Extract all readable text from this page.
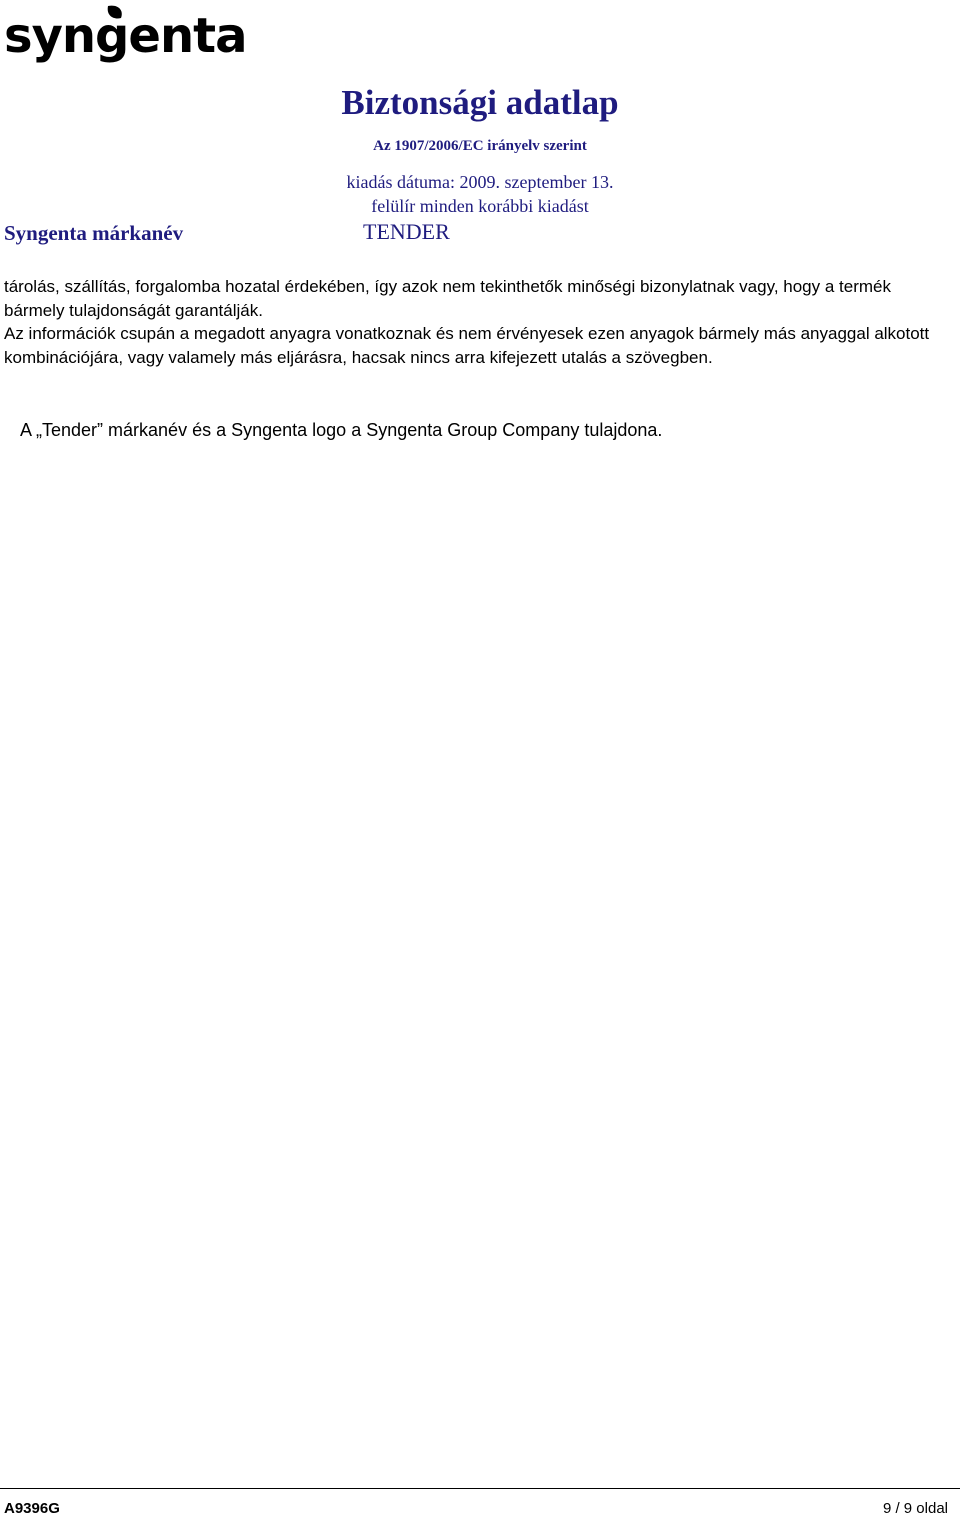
syngenta
Biztonsági adatlap
Az 1907/2006/EC irányelv szerint
kiadás dátuma: 2009. szeptember 13.
felülír minden korábbi kiadást
Syngenta márkanév	TENDER

tárolás, szállítás, forgalomba hozatal érdekében, így azok nem tekinthetők minőségi bizonylatnak vagy, hogy a termék bármely tulajdonságát garantálják.

Az információk csupán a megadott anyagra vonatkoznak és nem érvényesek ezen anyagok bármely más anyaggal alkotott kombinációjára, vagy valamely más eljárásra, hacsak nincs arra kifejezett utalás a szövegben.

A „Tender” márkanév és a Syngenta logo a Syngenta Group Company tulajdona.
A9396G	9 / 9 oldal
